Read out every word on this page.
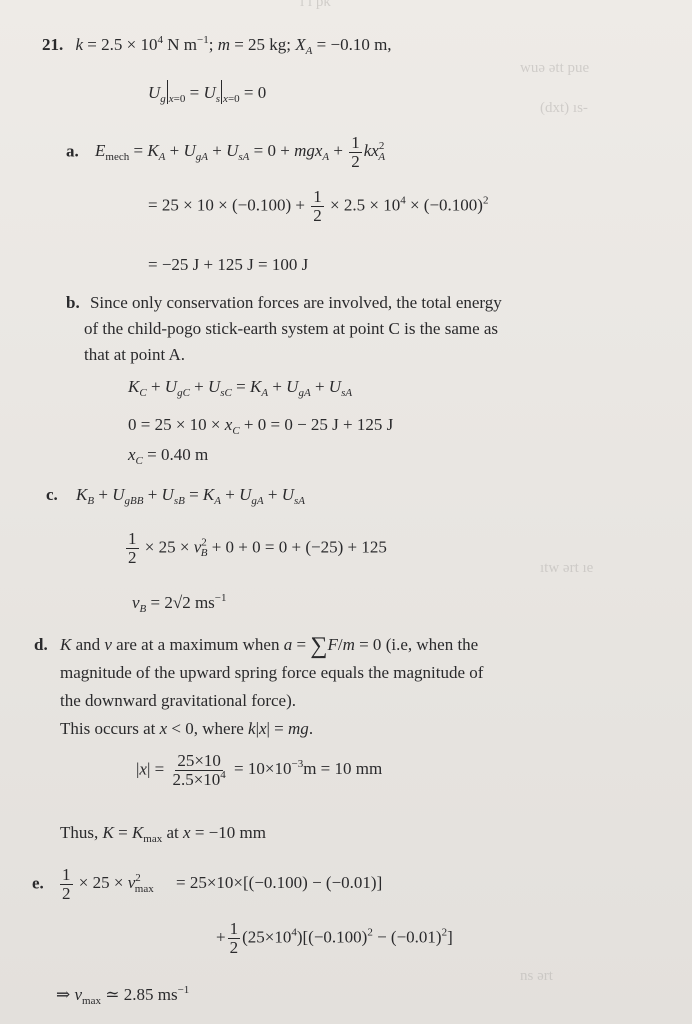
ı ı pκ
wuə ətt pue
(dxt) ıs-
ıtw ərt ıe
ns ərt
21. $k = 2.5 \times 10^4$ N $m^{-1}$; m = 25 kg; $X_A = -0.10$ m,
$U_g$ $_{x=0} = U_s$ $_{x=0}$ = 0
a. $E_{mech} = K_A + U_{gA} + U_{sA} = 0 + mgx_A + \frac{1}{2} kx^2_A$
= $25 \times 10 \times (-0.100) + \frac{1}{2} \times 2.5 \times 10^4 \times (-0.100)^2$
= −25 J + 125 J = 100 J
b. Since only conservation forces are involved, the total energy
of the child-pogo stick-earth system at point C is the same as
that at point A.
$K_C + U_{gC} + U_{sC} = K_A + U_{gA} + U_{sA}$
$0 = 25 \times 10 \times x_C + 0 = 0 - 25$ J + 125 J
$x_C = 0.40$ m
c. $K_B + U_{gBB} + U_{sB} = K_A + U_{gA} + U_{sA}$
$\frac{1}{2} \times 25 \times v^2_B + 0 + 0 = 0 + (-25) + 125$
$v_B = 2√2$ $ms^{-1}$
d. K and v are at a maximum when a = ∑F/m = 0 (i.e, when the
magnitude of the upward spring force equals the magnitude of
the downward gravitational force).
This occurs at x < 0, where k|x| = mg.
$|x| = \frac{25\times 10}{2.5\times 10^4} = 10\times 10^{-3}m = 10$ mm
Thus, $K = K_{max}$ at x = −10 mm
e. $\frac{1}{2} \times 25 \times v^2_{max} = 25\times 10\times[(-0.100) - (-0.01)]$
+ $\frac{1}{2} (25\times 10^4)[(-0.100)^2 - (-0.01)^2]$
⇒ $v_{max}$ ≃ 2.85 $ms^{-1}$
